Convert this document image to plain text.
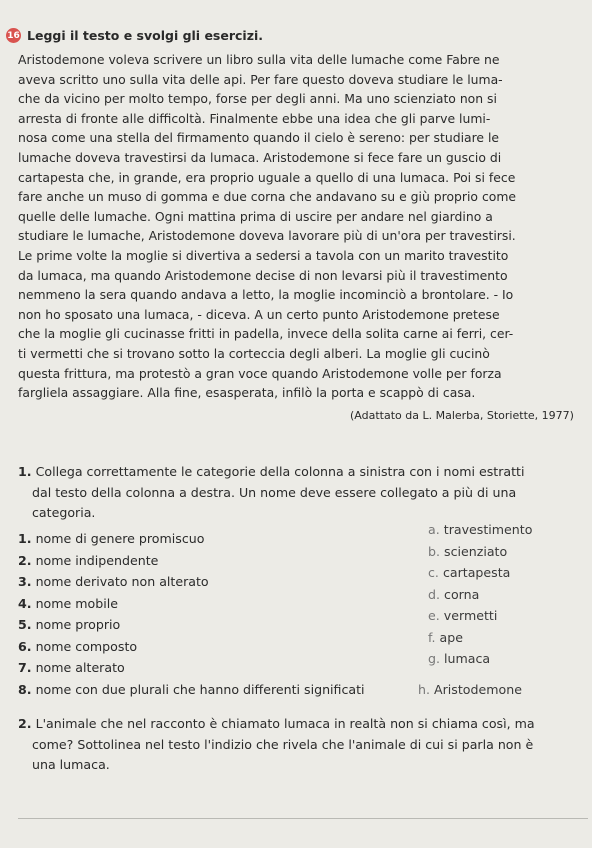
16 Leggi il testo e svolgi gli esercizi.
Aristodemone voleva scrivere un libro sulla vita delle lumache come Fabre ne
aveva scritto uno sulla vita delle api. Per fare questo doveva studiare le luma-
che da vicino per molto tempo, forse per degli anni. Ma uno scienziato non si
arresta di fronte alle difficoltà. Finalmente ebbe una idea che gli parve lumi-
nosa come una stella del firmamento quando il cielo è sereno: per studiare le
lumache doveva travestirsi da lumaca. Aristodemone si fece fare un guscio di
cartapesta che, in grande, era proprio uguale a quello di una lumaca. Poi si fece
fare anche un muso di gomma e due corna che andavano su e giù proprio come
quelle delle lumache. Ogni mattina prima di uscire per andare nel giardino a
studiare le lumache, Aristodemone doveva lavorare più di un'ora per travestirsi.
Le prime volte la moglie si divertiva a sedersi a tavola con un marito travestito
da lumaca, ma quando Aristodemone decise di non levarsi più il travestimento
nemmeno la sera quando andava a letto, la moglie incominciò a brontolare. - Io
non ho sposato una lumaca, - diceva. A un certo punto Aristodemone pretese
che la moglie gli cucinasse fritti in padella, invece della solita carne ai ferri, cer-
ti vermetti che si trovano sotto la corteccia degli alberi. La moglie gli cucinò
questa frittura, ma protestò a gran voce quando Aristodemone volle per forza
fargliela assaggiare. Alla fine, esasperata, infilò la porta e scappò di casa.
(Adattato da L. Malerba, Storiette, 1977)
1. Collega correttamente le categorie della colonna a sinistra con i nomi estratti
dal testo della colonna a destra. Un nome deve essere collegato a più di una
categoria.
1. nome di genere promiscuo
2. nome indipendente
3. nome derivato non alterato
4. nome mobile
5. nome proprio
6. nome composto
7. nome alterato
8. nome con due plurali che hanno differenti significati
a. travestimento
b. scienziato
c. cartapesta
d. corna
e. vermetti
f. ape
g. lumaca
h. Aristodemone
2. L'animale che nel racconto è chiamato lumaca in realtà non si chiama così, ma
come? Sottolinea nel testo l'indizio che rivela che l'animale di cui si parla non è
una lumaca.
